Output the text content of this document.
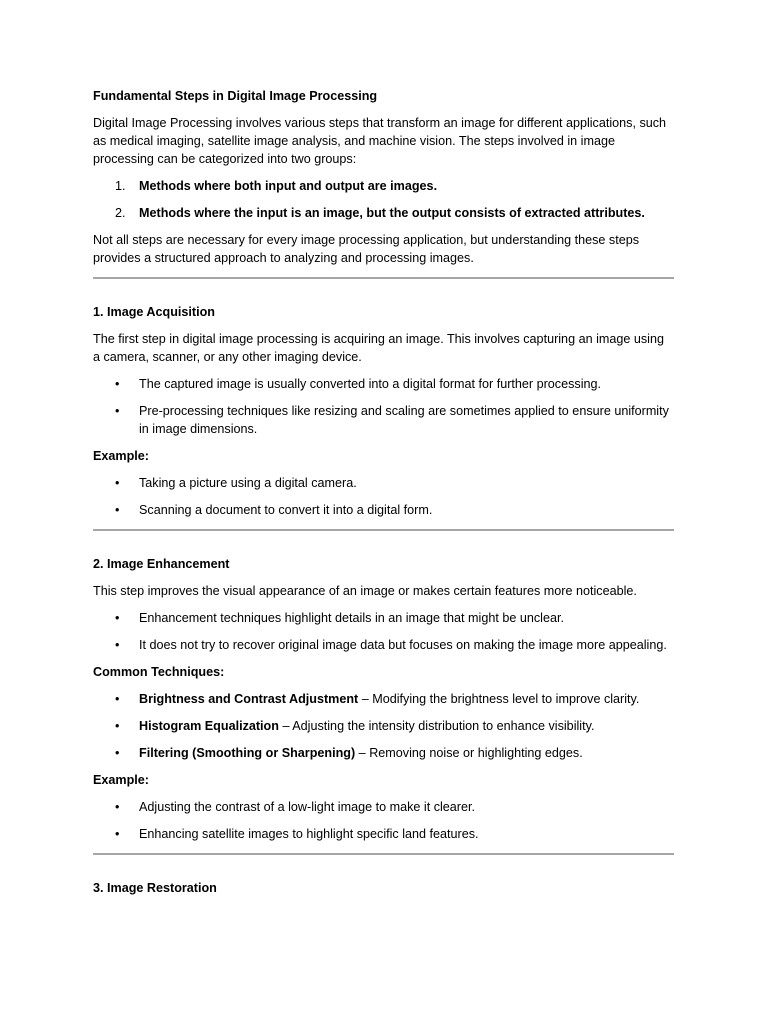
Fundamental Steps in Digital Image Processing

Digital Image Processing involves various steps that transform an image for different applications, such as medical imaging, satellite image analysis, and machine vision. The steps involved in image processing can be categorized into two groups:

1. Methods where both input and output are images.
2. Methods where the input is an image, but the output consists of extracted attributes.

Not all steps are necessary for every image processing application, but understanding these steps provides a structured approach to analyzing and processing images.

1. Image Acquisition

The first step in digital image processing is acquiring an image. This involves capturing an image using a camera, scanner, or any other imaging device.

• The captured image is usually converted into a digital format for further processing.
• Pre-processing techniques like resizing and scaling are sometimes applied to ensure uniformity in image dimensions.
Example:
• Taking a picture using a digital camera.
• Scanning a document to convert it into a digital form.
2. Image Enhancement

This step improves the visual appearance of an image or makes certain features more noticeable.

• Enhancement techniques highlight details in an image that might be unclear.
• It does not try to recover original image data but focuses on making the image more appealing.
Common Techniques:
• Brightness and Contrast Adjustment – Modifying the brightness level to improve clarity.
• Histogram Equalization – Adjusting the intensity distribution to enhance visibility.
• Filtering (Smoothing or Sharpening) – Removing noise or highlighting edges.
Example:
• Adjusting the contrast of a low-light image to make it clearer.
• Enhancing satellite images to highlight specific land features.
3. Image Restoration
